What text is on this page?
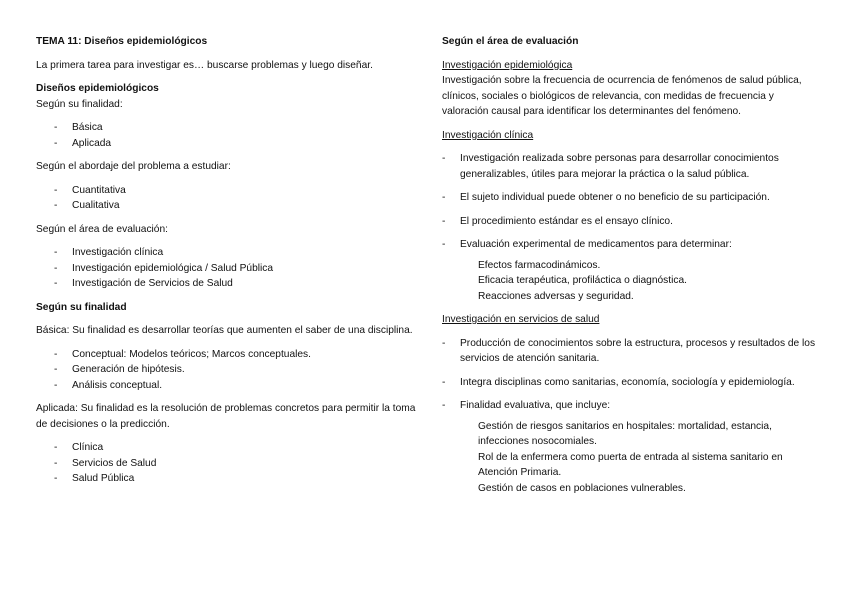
TEMA 11: Diseños epidemiológicos

La primera tarea para investigar es… buscarse problemas y luego diseñar.

Diseños epidemiológicos

Según su finalidad:

- Básica
- Aplicada

Según el abordaje del problema a estudiar:

- Cuantitativa
- Cualitativa

Según el área de evaluación:

- Investigación clínica
- Investigación epidemiológica / Salud Pública
- Investigación de Servicios de Salud

Según su finalidad

Básica: Su finalidad es desarrollar teorías que aumenten el saber de una disciplina.

- Conceptual: Modelos teóricos; Marcos conceptuales.
- Generación de hipótesis.
- Análisis conceptual.

Aplicada: Su finalidad es la resolución de problemas concretos para permitir la toma de decisiones o la predicción.

- Clínica
- Servicios de Salud
- Salud Pública

Según el área de evaluación

Investigación epidemiológica

Investigación sobre la frecuencia de ocurrencia de fenómenos de salud pública, clínicos, sociales o biológicos de relevancia, con medidas de frecuencia y valoración causal para identificar los determinantes del fenómeno.

Investigación clínica

- Investigación realizada sobre personas para desarrollar conocimientos generalizables, útiles para mejorar la práctica o la salud pública.
- El sujeto individual puede obtener o no beneficio de su participación.
- El procedimiento estándar es el ensayo clínico.
- Evaluación experimental de medicamentos para determinar:
Efectos farmacodinámicos.
Eficacia terapéutica, profiláctica o diagnóstica.
Reacciones adversas y seguridad.

Investigación en servicios de salud

- Producción de conocimientos sobre la estructura, procesos y resultados de los servicios de atención sanitaria.
- Integra disciplinas como sanitarias, economía, sociología y epidemiología.
- Finalidad evaluativa, que incluye:
Gestión de riesgos sanitarios en hospitales: mortalidad, estancia, infecciones nosocomiales.
Rol de la enfermera como puerta de entrada al sistema sanitario en Atención Primaria.
Gestión de casos en poblaciones vulnerables.
